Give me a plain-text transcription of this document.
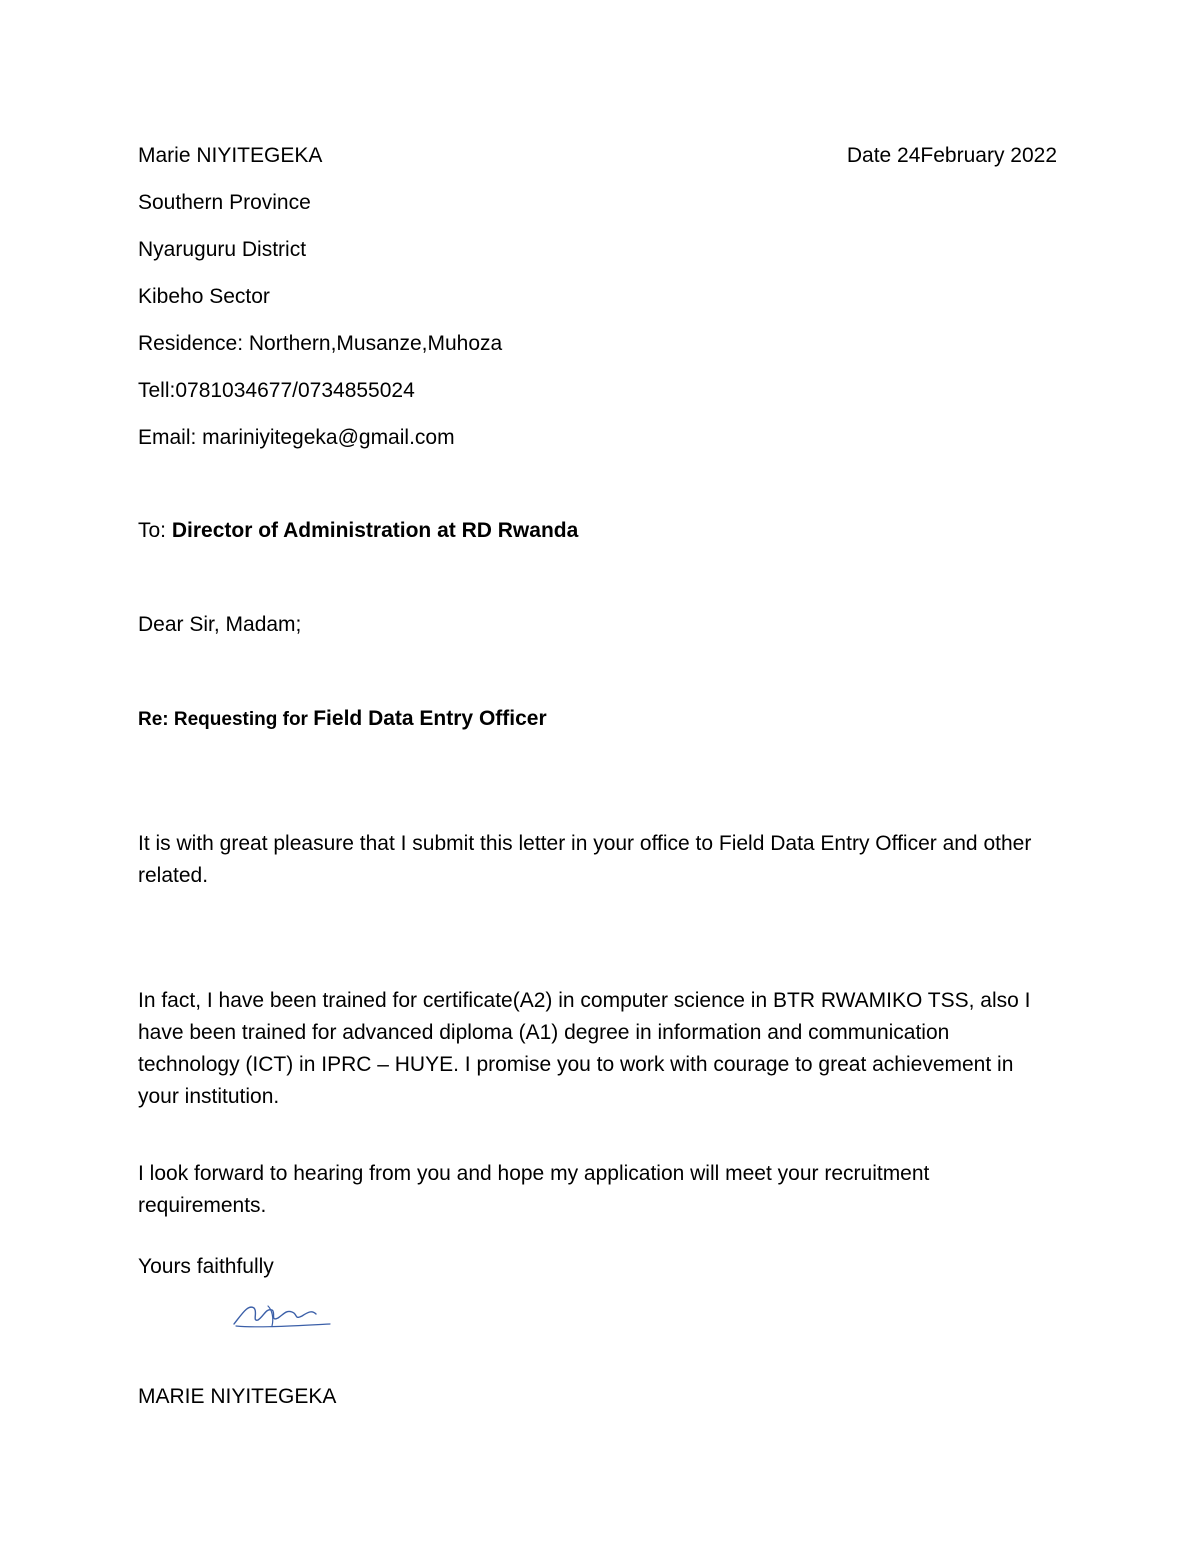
Marie NIYITEGEKA	Date 24February 2022
Southern Province
Nyaruguru District
Kibeho Sector
Residence: Northern,Musanze,Muhoza
Tell:0781034677/0734855024
Email: mariniyitegeka@gmail.com
To: Director of Administration at RD Rwanda
Dear Sir, Madam;
Re: Requesting for Field Data Entry Officer
It is with great pleasure that I submit this letter in your office to Field Data Entry Officer and other related.
In fact, I have been trained for certificate(A2) in computer science in BTR RWAMIKO TSS, also I have been trained for advanced diploma (A1) degree in information and communication technology (ICT) in IPRC – HUYE. I promise you to work with courage to great achievement in your institution.
I look forward to hearing from you and hope my application will meet your recruitment requirements.
Yours faithfully
MARIE NIYITEGEKA
